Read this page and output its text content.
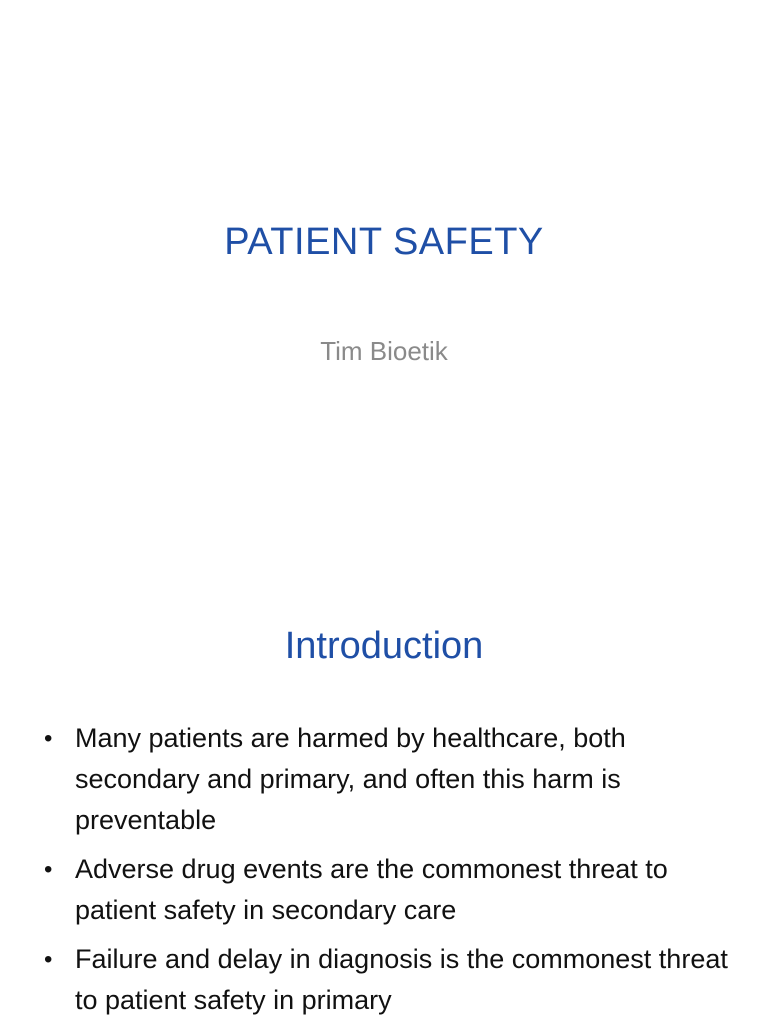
PATIENT SAFETY
Tim Bioetik
Introduction
• Many patients are harmed by healthcare, both secondary and primary, and often this harm is preventable
• Adverse drug events are the commonest threat to patient safety in secondary care
• Failure and delay in diagnosis is the commonest threat to patient safety in primary
